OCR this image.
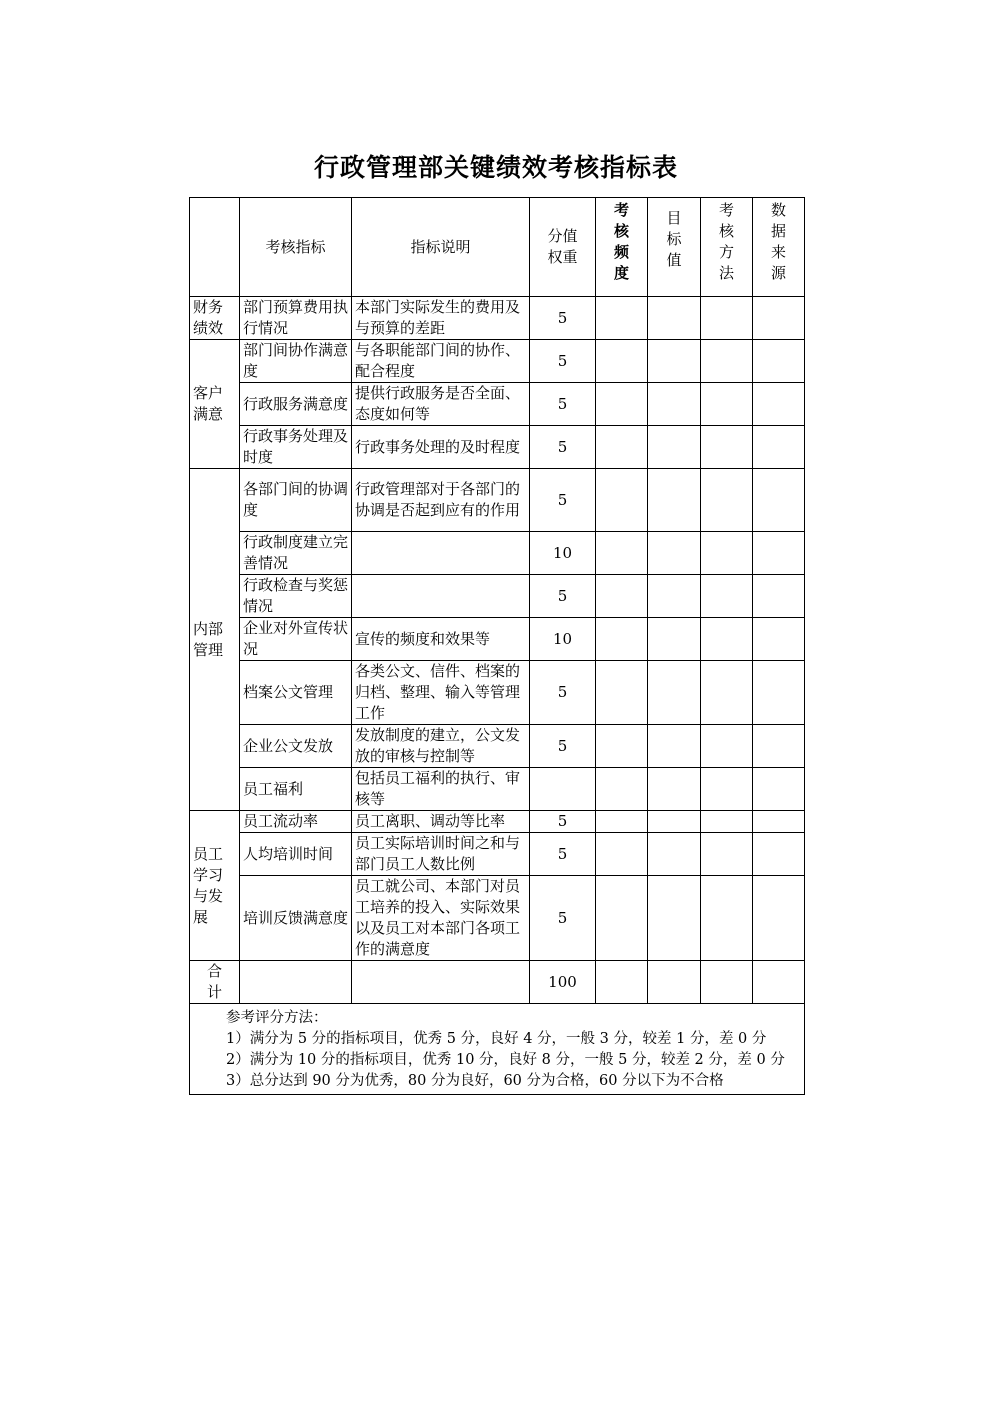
行政管理部关键绩效考核指标表
	考核指标	指标说明	分值权重	考核频度	目标值	考核方法	数据来源

财务绩效	部门预算费用执行情况	本部门实际发生的费用及与预算的差距	5				

客户满意	部门间协作满意度	与各职能部门间的协作、配合程度	5				
	行政服务满意度	提供行政服务是否全面、态度如何等	5				
	行政事务处理及时度	行政事务处理的及时程度	5				

内部管理	各部门间的协调度	行政管理部对于各部门的协调是否起到应有的作用	5				
	行政制度建立完善情况		10				
	行政检查与奖惩情况		5				
	企业对外宣传状况	宣传的频度和效果等	10				
	档案公文管理	各类公文、信件、档案的归档、整理、输入等管理工作	5				
	企业公文发放	发放制度的建立，公文发放的审核与控制等	5				
	员工福利	包括员工福利的执行、审核等					

员工学习与发展	员工流动率	员工离职、调动等比率	5				
	人均培训时间	员工实际培训时间之和与部门员工人数比例	5				
	培训反馈满意度	员工就公司、本部门对员工培养的投入、实际效果以及员工对本部门各项工作的满意度	5				

合计			100				

参考评分方法：
1）满分为 5 分的指标项目，优秀 5 分，良好 4 分，一般 3 分，较差 1 分，差 0 分
2）满分为 10 分的指标项目，优秀 10 分，良好 8 分，一般 5 分，较差 2 分，差 0 分
3）总分达到 90 分为优秀，80 分为良好，60 分为合格，60 分以下为不合格							
